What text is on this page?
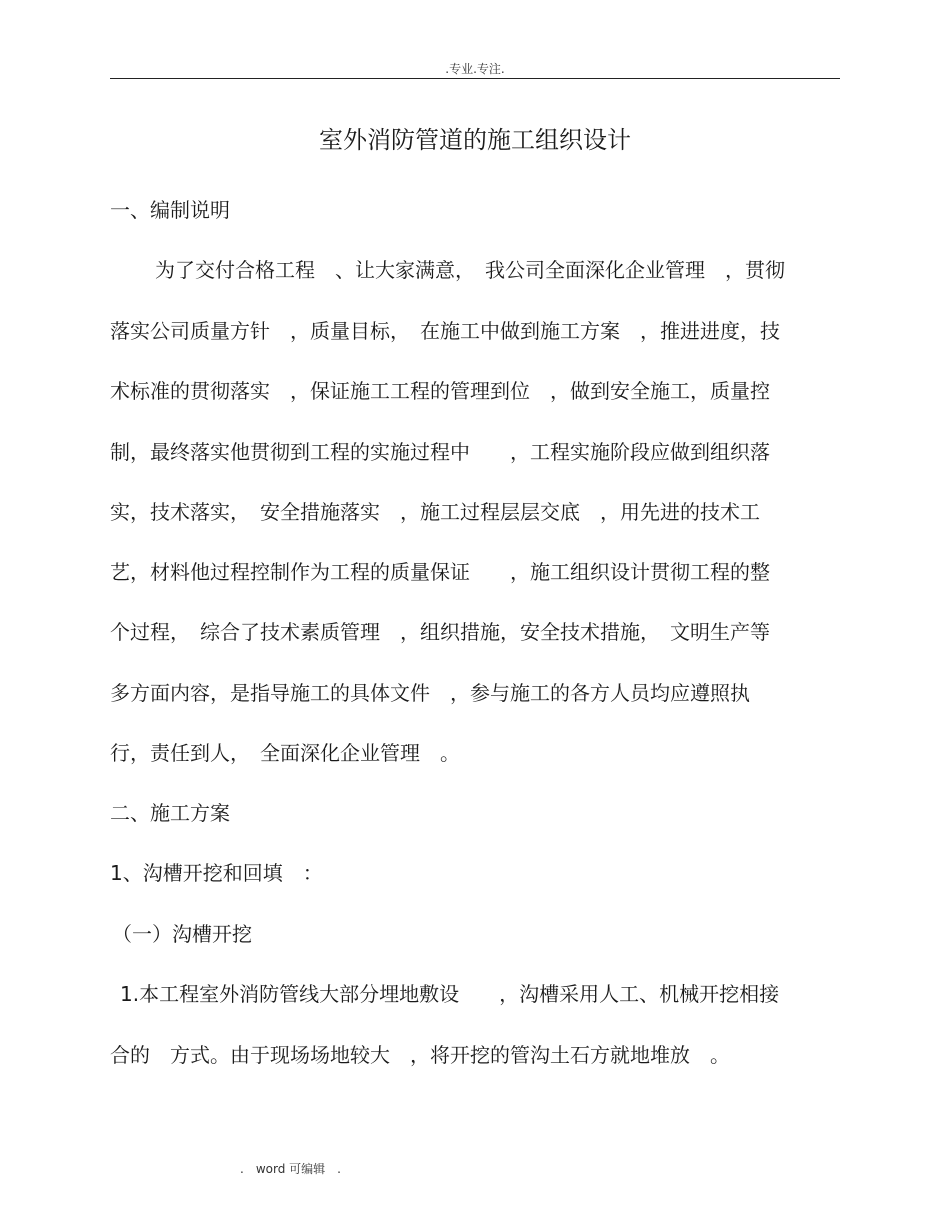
.专业.专注.
室外消防管道的施工组织设计
一、编制说明
为了交付合格工程　、让大家满意，　我公司全面深化企业管理　，贯彻
落实公司质量方针　，质量目标，　在施工中做到施工方案　，推进进度，技
术标准的贯彻落实　，保证施工工程的管理到位　，做到安全施工，质量控
制，最终落实他贯彻到工程的实施过程中　　，工程实施阶段应做到组织落
实，技术落实，　安全措施落实　，施工过程层层交底　，用先进的技术工
艺，材料他过程控制作为工程的质量保证　　，施工组织设计贯彻工程的整
个过程，　综合了技术素质管理　，组织措施，安全技术措施，　文明生产等
多方面内容，是指导施工的具体文件　，参与施工的各方人员均应遵照执
行，责任到人，　全面深化企业管理　。
二、施工方案
1、沟槽开挖和回填　：
（一）沟槽开挖
1.本工程室外消防管线大部分埋地敷设　　，沟槽采用人工、机械开挖相接
合的　方式。由于现场场地较大　，将开挖的管沟土石方就地堆放　。
.　word 可编辑　.
